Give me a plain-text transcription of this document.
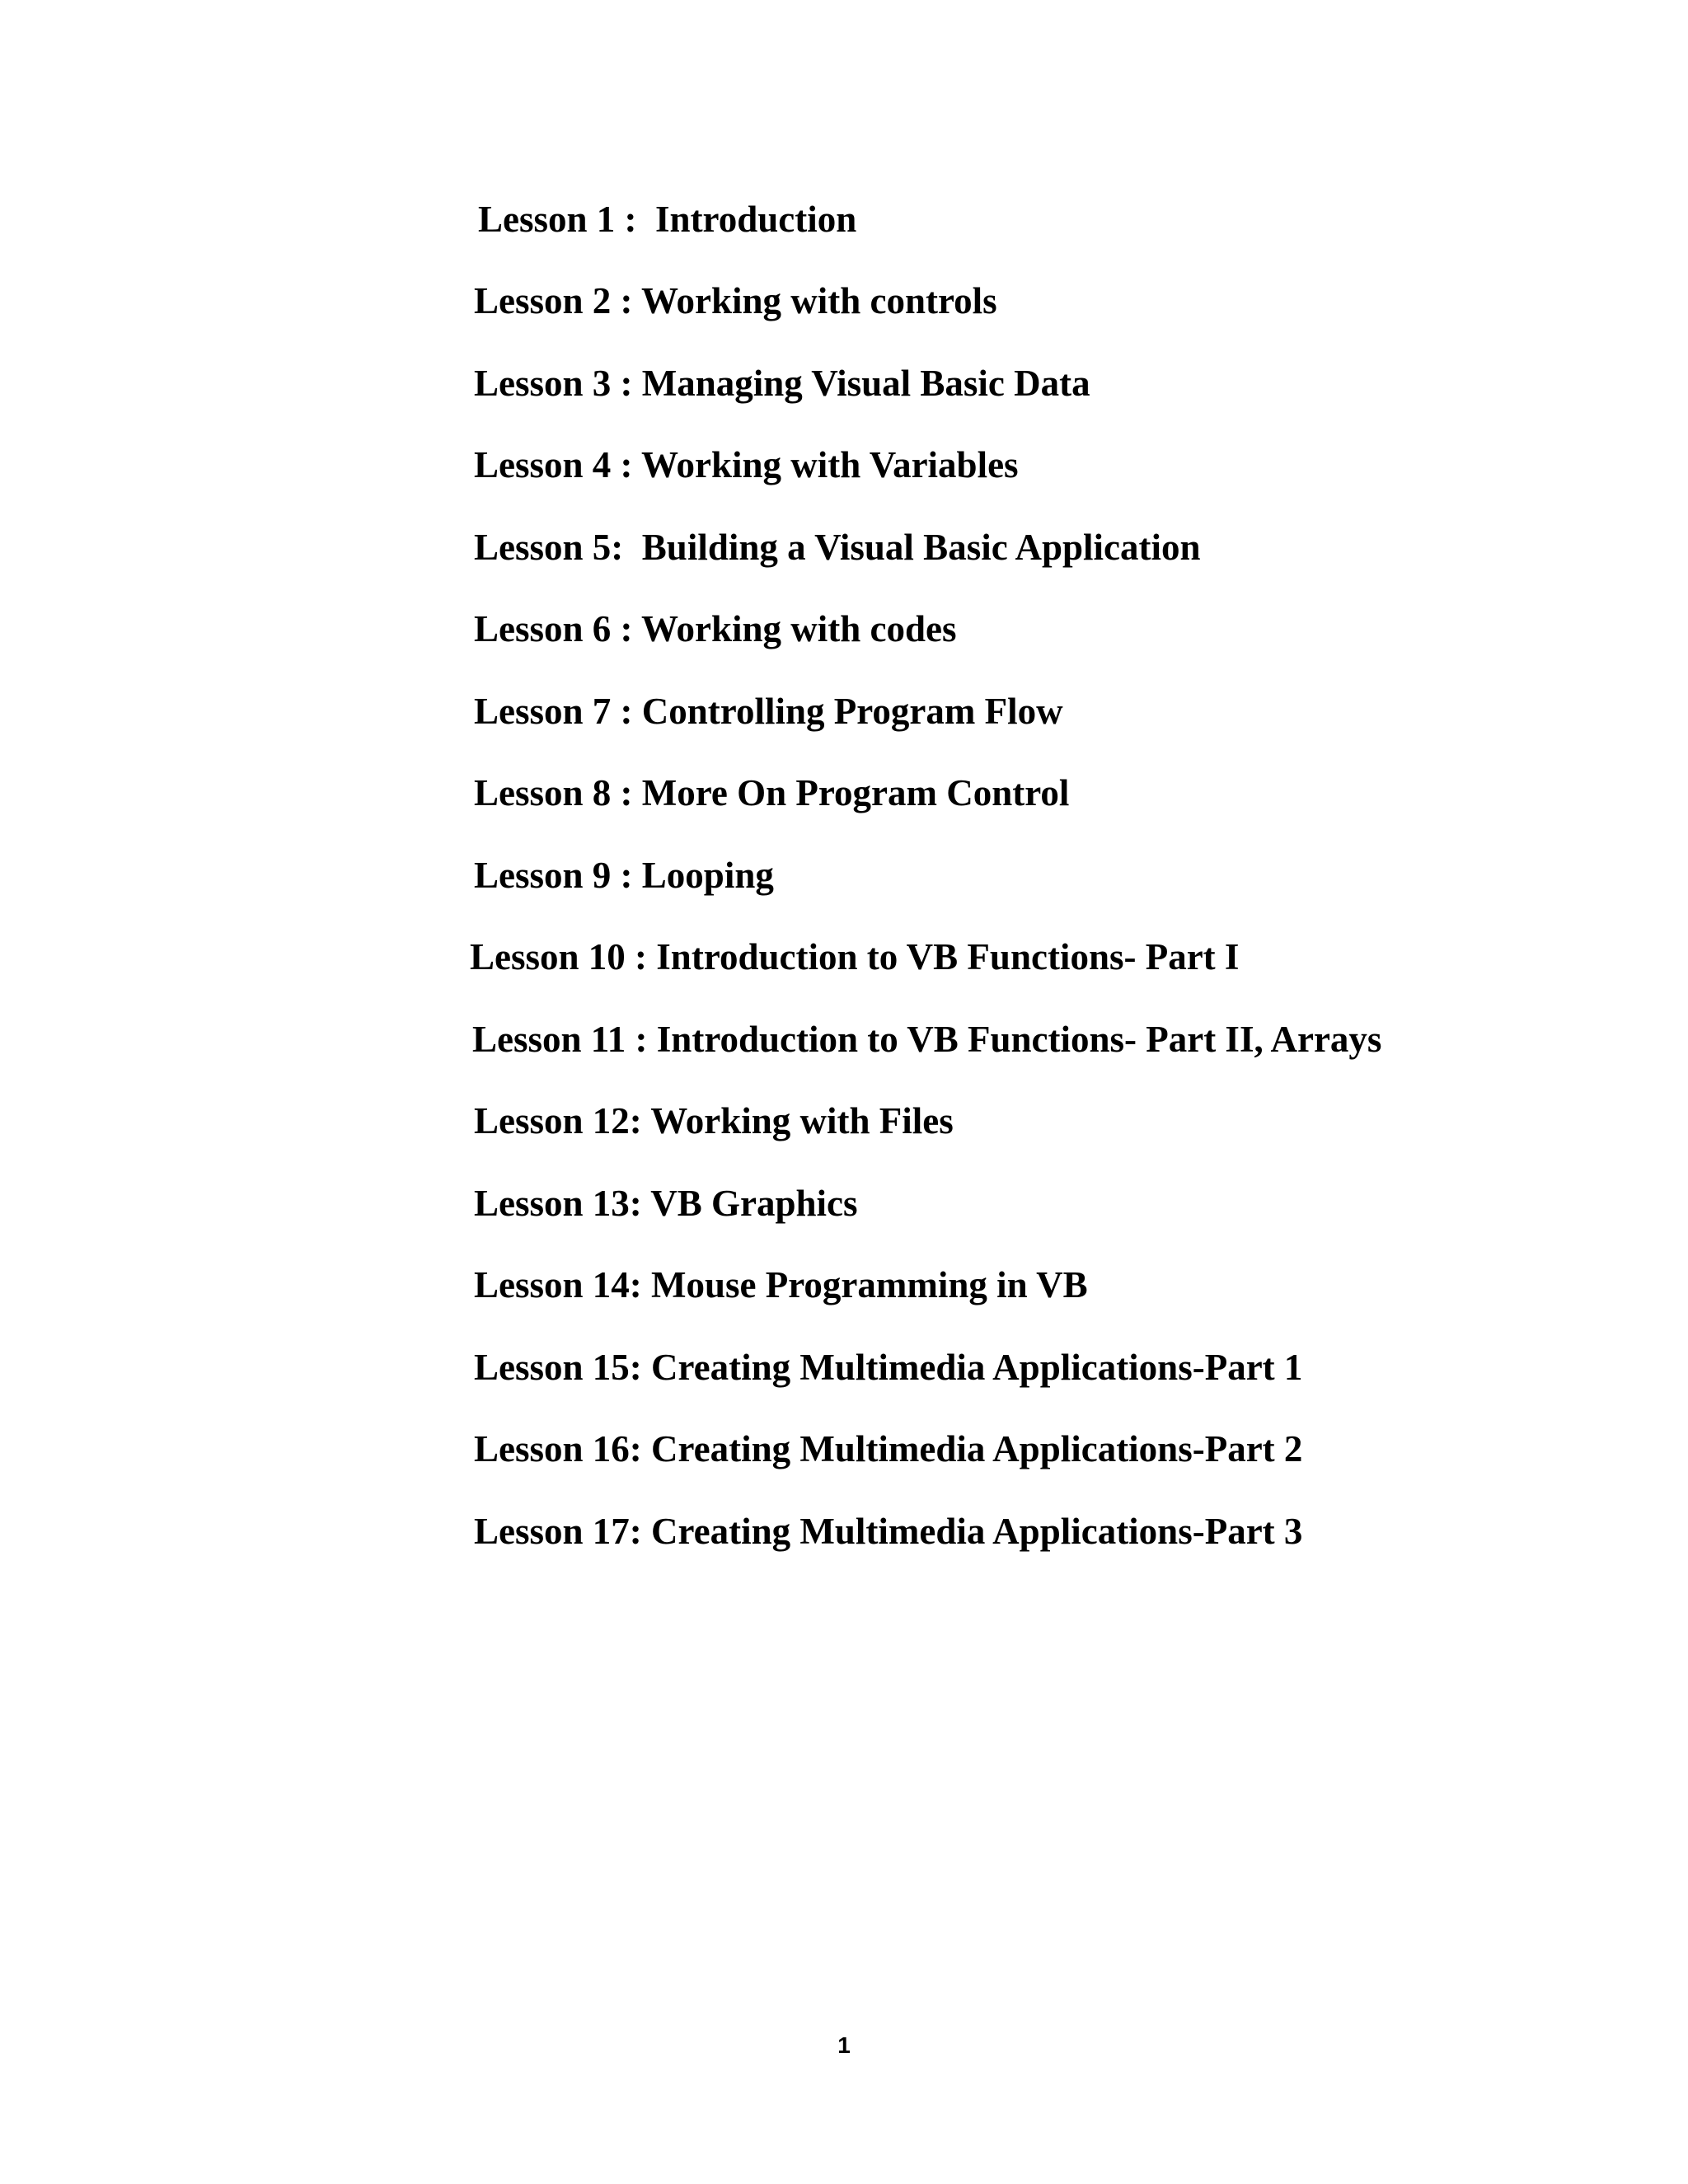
Lesson 1 :  Introduction
Lesson 2 : Working with controls
Lesson 3 : Managing Visual Basic Data
Lesson 4 : Working with Variables
Lesson 5:  Building a Visual Basic Application
Lesson 6 : Working with codes
Lesson 7 : Controlling Program Flow
Lesson 8 : More On Program Control
Lesson 9 : Looping
Lesson 10 : Introduction to VB Functions- Part I
Lesson 11 : Introduction to VB Functions- Part II, Arrays
Lesson 12: Working with Files
Lesson 13: VB Graphics
Lesson 14: Mouse Programming in VB
Lesson 15: Creating Multimedia Applications-Part 1
Lesson 16: Creating Multimedia Applications-Part 2
Lesson 17: Creating Multimedia Applications-Part 3
1
